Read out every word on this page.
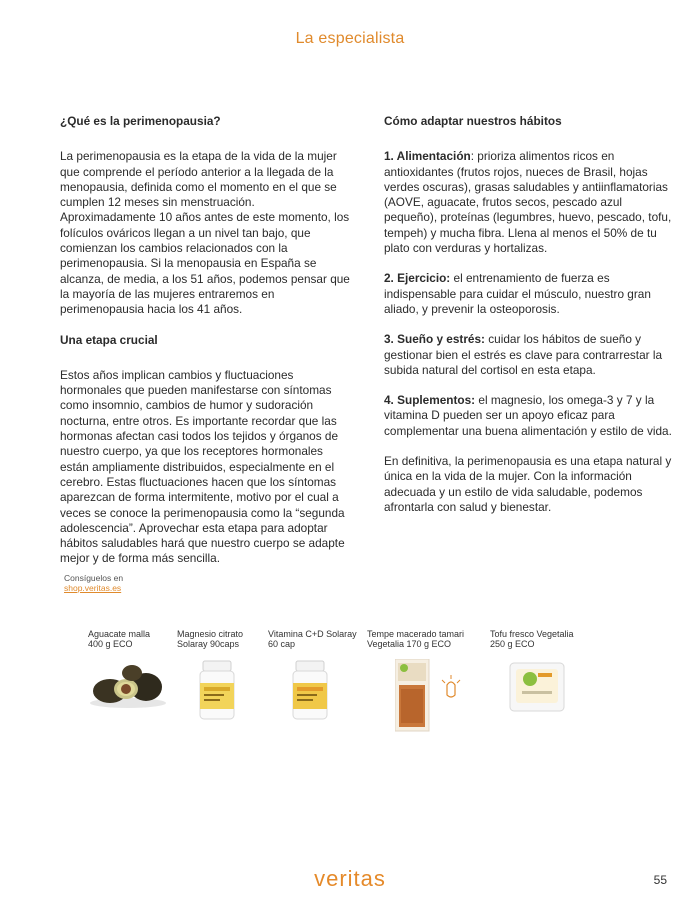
La especialista
¿Qué es la perimenopausia?

La perimenopausia es la etapa de la vida de la mujer que comprende el período anterior a la llegada de la menopausia, definida como el momento en el que se cumplen 12 meses sin menstruación. Aproximadamente 10 años antes de este momento, los folículos ováricos llegan a un nivel tan bajo, que comienzan los cambios relacionados con la perimenopausia. Si la menopausia en España se alcanza, de media, a los 51 años, podemos pensar que la mayoría de las mujeres entraremos en perimenopausia hacia los 41 años.

Una etapa crucial

Estos años implican cambios y fluctuaciones hormonales que pueden manifestarse con síntomas como insomnio, cambios de humor y sudoración nocturna, entre otros. Es importante recordar que las hormonas afectan casi todos los tejidos y órganos de nuestro cuerpo, ya que los receptores hormonales están ampliamente distribuidos, especialmente en el cerebro. Estas fluctuaciones hacen que los síntomas aparezcan de forma intermitente, motivo por el cual a veces se conoce la perimenopausia como la “segunda adolescencia”. Aprovechar esta etapa para adoptar hábitos saludables hará que nuestro cuerpo se adapte mejor y de forma más sencilla.

Cómo adaptar nuestros hábitos

1. Alimentación: prioriza alimentos ricos en antioxidantes (frutos rojos, nueces de Brasil, hojas verdes oscuras), grasas saludables y antiinflamatorias (AOVE, aguacate, frutos secos, pescado azul pequeño), proteínas (legumbres, huevo, pescado, tofu, tempeh) y mucha fibra. Llena al menos el 50% de tu plato con verduras y hortalizas.

2. Ejercicio: el entrenamiento de fuerza es indispensable para cuidar el músculo, nuestro gran aliado, y prevenir la osteoporosis.

3. Sueño y estrés: cuidar los hábitos de sueño y gestionar bien el estrés es clave para contrarrestar la subida natural del cortisol en esta etapa.

4. Suplementos: el magnesio, los omega-3 y 7 y la vitamina D pueden ser un apoyo eficaz para complementar una buena alimentación y estilo de vida.

En definitiva, la perimenopausia es una etapa natural y única en la vida de la mujer. Con la información adecuada y un estilo de vida saludable, podemos afrontarla con salud y bienestar.

Consíguelos en
shop.veritas.es
Aguacate malla
400 g ECO
Magnesio citrato
Solaray 90caps
Vitamina C+D Solaray
60 cap
Tempe macerado tamari
Vegetalia 170 g ECO
Tofu fresco Vegetalia
250 g ECO
veritas	55
